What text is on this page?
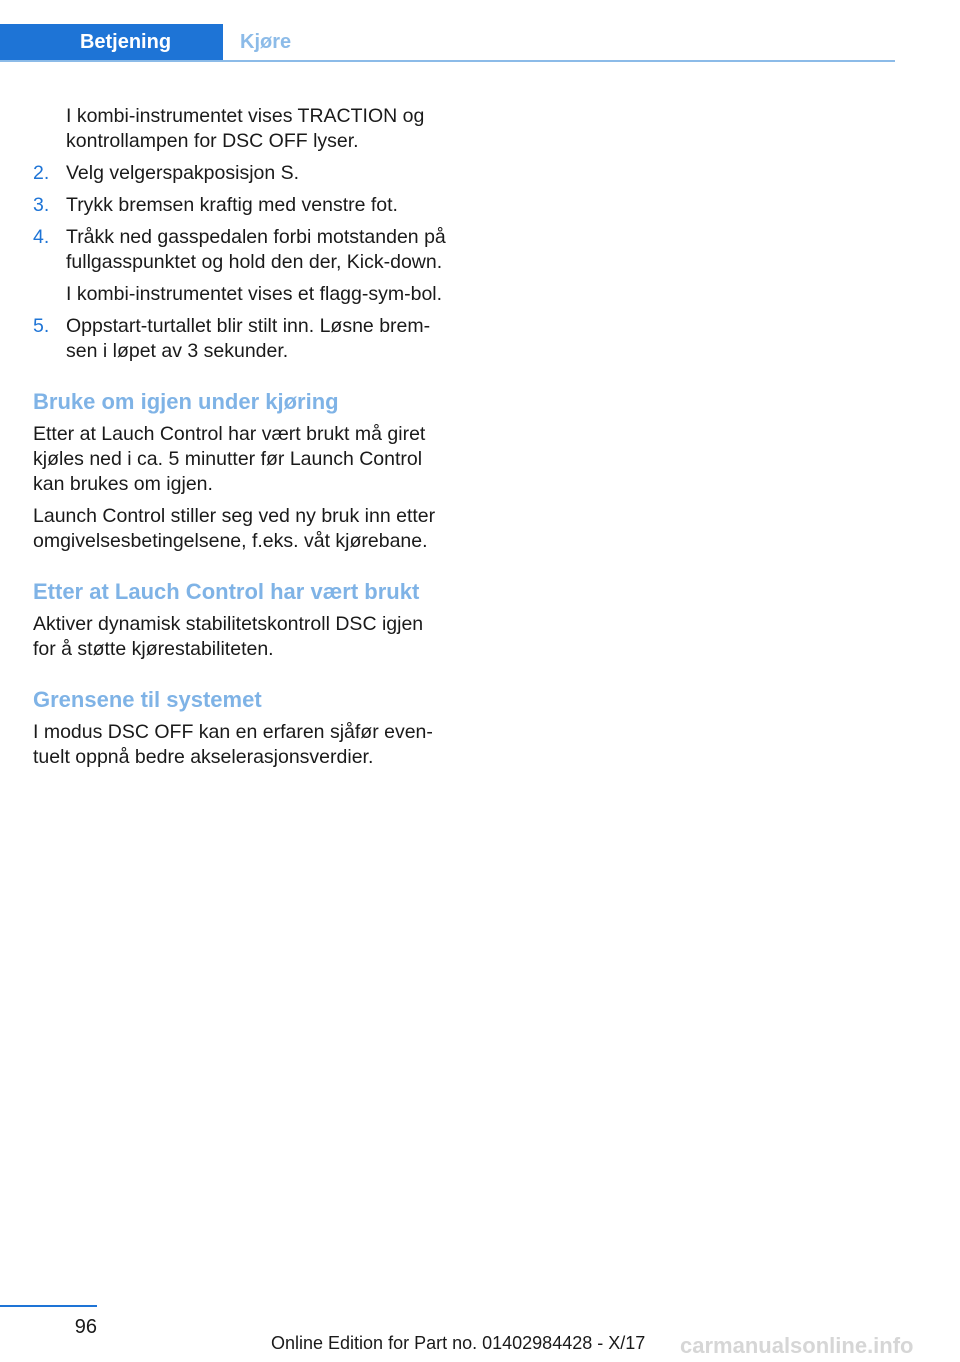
Betjening	Kjøre
I kombi-instrumentet vises TRACTION og kontrollampen for DSC OFF lyser.
2. Velg velgerspakposisjon S.
3. Trykk bremsen kraftig med venstre fot.
4. Tråkk ned gasspedalen forbi motstanden på fullgasspunktet og hold den der, Kick‐down.
I kombi-instrumentet vises et flagg-sym‐bol.
5. Oppstart-turtallet blir stilt inn. Løsne brem‐sen i løpet av 3 sekunder.
Bruke om igjen under kjøring

Etter at Lauch Control har vært brukt må giret kjøles ned i ca. 5 minutter før Launch Control kan brukes om igjen.

Launch Control stiller seg ved ny bruk inn etter omgivelsesbetingelsene, f.eks. våt kjørebane.

Etter at Lauch Control har vært brukt

Aktiver dynamisk stabilitetskontroll DSC igjen for å støtte kjørestabiliteten.

Grensene til systemet

I modus DSC OFF kan en erfaren sjåfør even‐tuelt oppnå bedre akselerasjonsverdier.

96
Online Edition for Part no. 01402984428 - X/17 carmanualsonline.info
